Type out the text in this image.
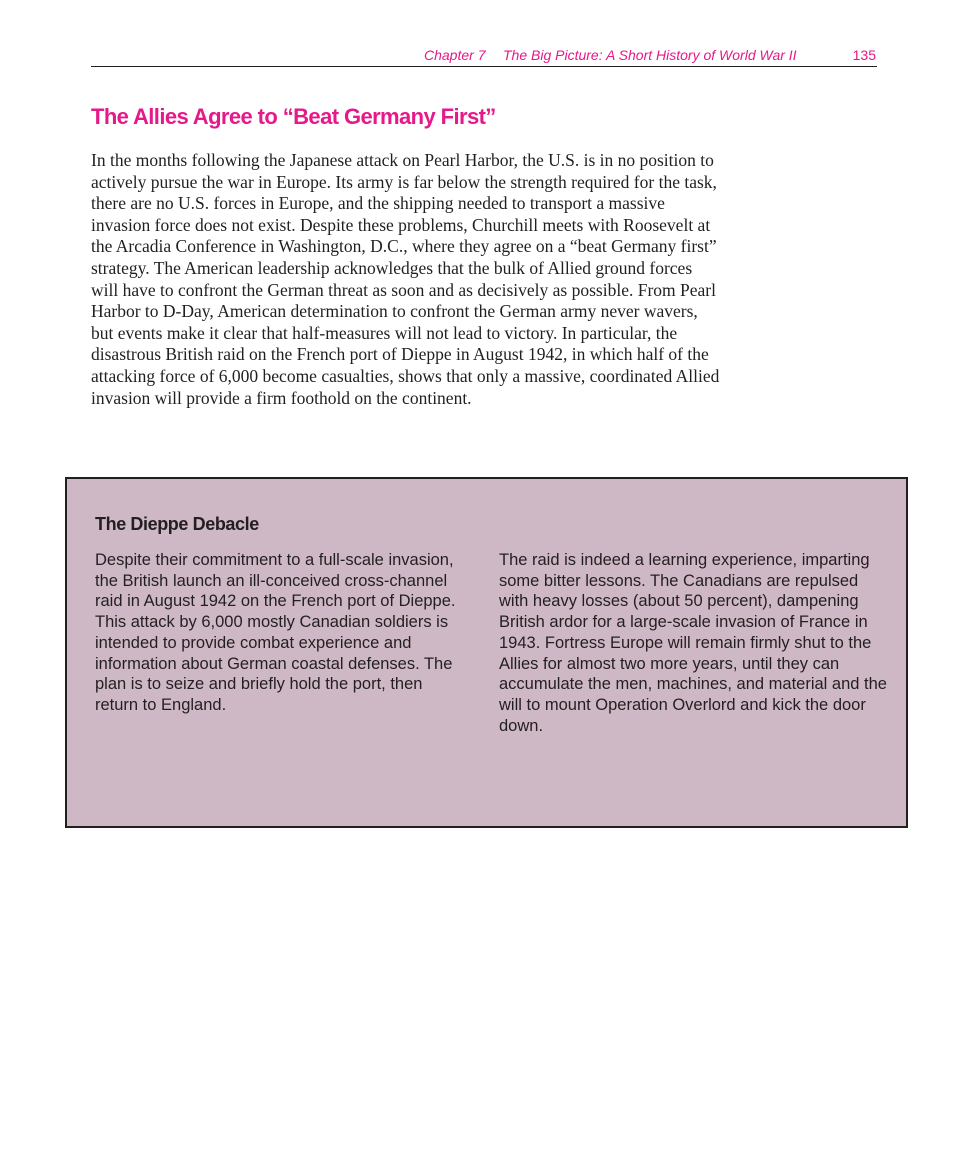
Chapter 7 The Big Picture: A Short History of World War II	135
The Allies Agree to “Beat Germany First”

In the months following the Japanese attack on Pearl Harbor, the U.S. is in no position to actively pursue the war in Europe. Its army is far below the strength required for the task, there are no U.S. forces in Europe, and the shipping needed to transport a massive invasion force does not exist. Despite these problems, Churchill meets with Roosevelt at the Arcadia Conference in Washington, D.C., where they agree on a “beat Germany first” strategy. The American leadership acknowledges that the bulk of Allied ground forces will have to confront the German threat as soon and as decisively as possible. From Pearl Harbor to D-Day, American determination to confront the German army never wavers, but events make it clear that half-measures will not lead to victory. In particular, the disastrous British raid on the French port of Dieppe in August 1942, in which half of the attacking force of 6,000 become casualties, shows that only a massive, coordinated Allied invasion will provide a firm foothold on the continent.

The Dieppe Debacle

Despite their commitment to a full-scale invasion, the British launch an ill-conceived cross-channel raid in August 1942 on the French port of Dieppe. This attack by 6,000 mostly Canadian soldiers is intended to provide combat experience and information about German coastal defenses. The plan is to seize and briefly hold the port, then return to England.

The raid is indeed a learning experience, imparting some bitter lessons. The Canadians are repulsed with heavy losses (about 50 percent), dampening British ardor for a large-scale invasion of France in 1943. Fortress Europe will remain firmly shut to the Allies for almost two more years, until they can accumulate the men, machines, and material and the will to mount Operation Overlord and kick the door down.
